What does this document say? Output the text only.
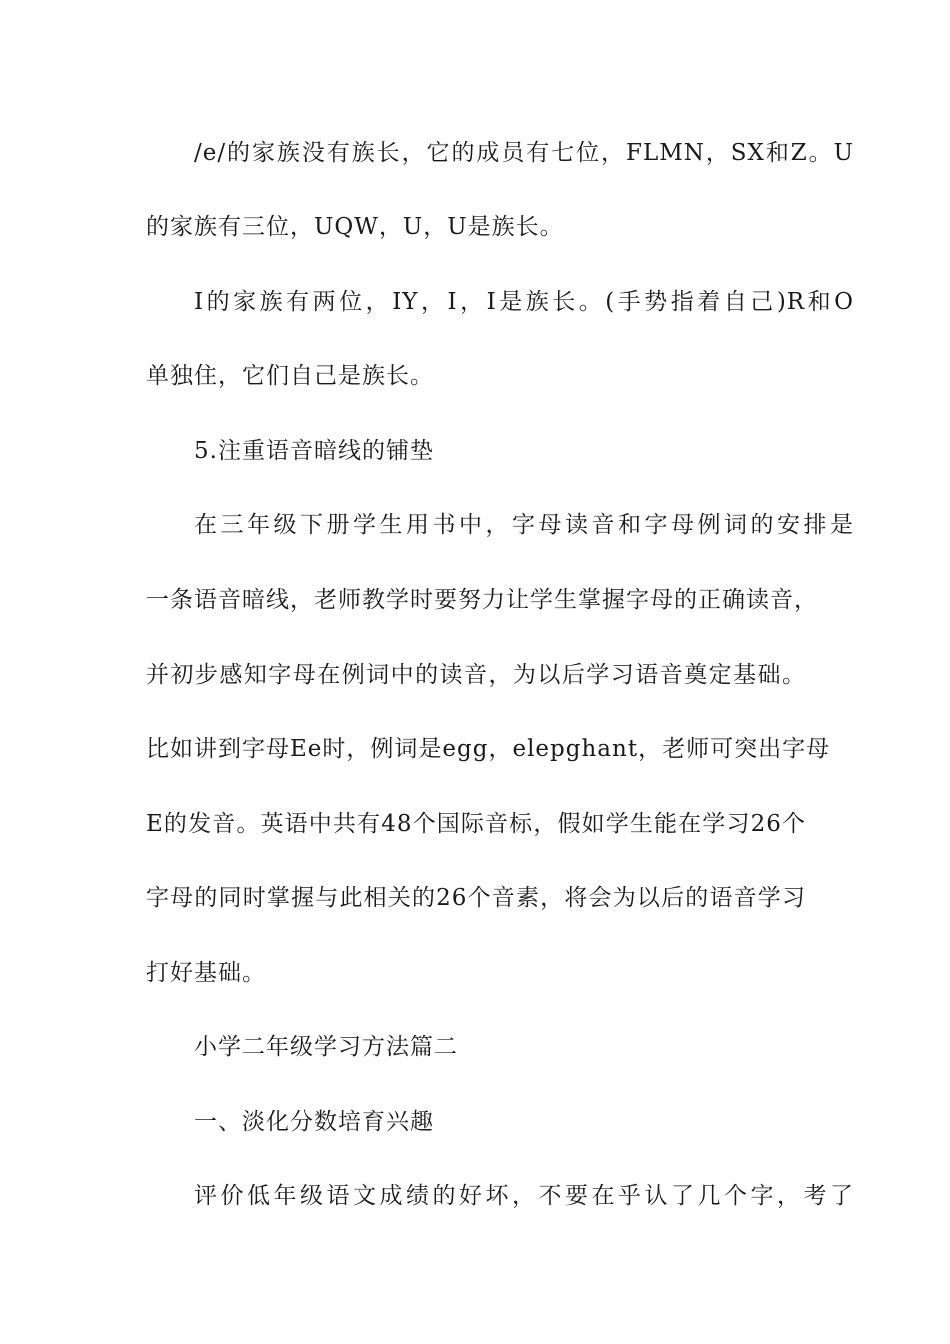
/e/的家族没有族长，它的成员有七位，FLMN，SX和Z。U
的家族有三位，UQW，U，U是族长。
I的家族有两位，IY，I，I是族长。(手势指着自己)R和O
单独住，它们自己是族长。
5.注重语音暗线的铺垫
在三年级下册学生用书中，字母读音和字母例词的安排是
一条语音暗线，老师教学时要努力让学生掌握字母的正确读音，
并初步感知字母在例词中的读音，为以后学习语音奠定基础。
比如讲到字母Ee时，例词是egg，elepghant，老师可突出字母
E的发音。英语中共有48个国际音标，假如学生能在学习26个
字母的同时掌握与此相关的26个音素，将会为以后的语音学习
打好基础。
小学二年级学习方法篇二
一、淡化分数培育兴趣
评价低年级语文成绩的好坏，不要在乎认了几个字，考了
